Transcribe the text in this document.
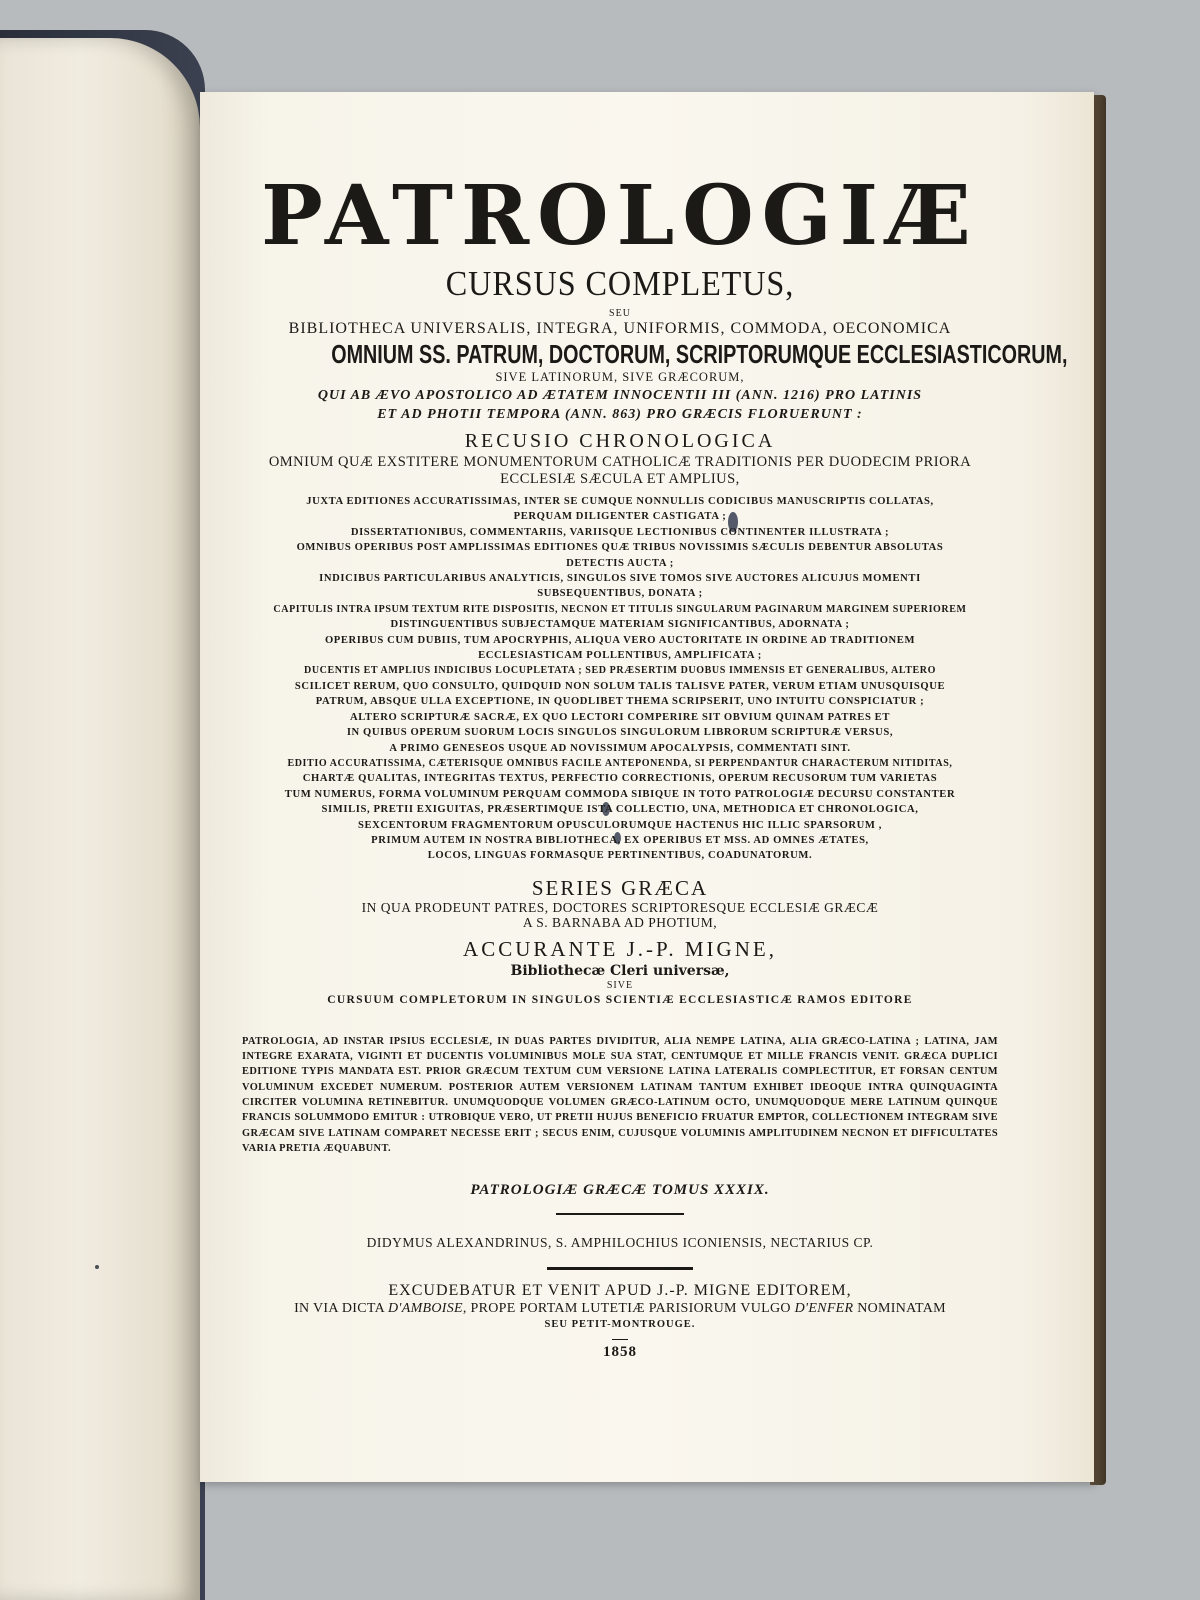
PATROLOGIÆ
CURSUS COMPLETUS,
SEU
BIBLIOTHECA UNIVERSALIS, INTEGRA, UNIFORMIS, COMMODA, OECONOMICA
OMNIUM SS. PATRUM, DOCTORUM, SCRIPTORUMQUE ECCLESIASTICORUM,
SIVE LATINORUM, SIVE GRÆCORUM,
QUI AB ÆVO APOSTOLICO AD ÆTATEM INNOCENTII III (ANN. 1216) PRO LATINIS
ET AD PHOTII TEMPORA (ANN. 863) PRO GRÆCIS FLORUERUNT :
RECUSIO CHRONOLOGICA
OMNIUM QUÆ EXSTITERE MONUMENTORUM CATHOLICÆ TRADITIONIS PER DUODECIM PRIORA
ECCLESIÆ SÆCULA ET AMPLIUS,
JUXTA EDITIONES ACCURATISSIMAS, INTER SE CUMQUE NONNULLIS CODICIBUS MANUSCRIPTIS COLLATAS,
PERQUAM DILIGENTER CASTIGATA ;
DISSERTATIONIBUS, COMMENTARIIS, VARIISQUE LECTIONIBUS CONTINENTER ILLUSTRATA ;
OMNIBUS OPERIBUS POST AMPLISSIMAS EDITIONES QUÆ TRIBUS NOVISSIMIS SÆCULIS DEBENTUR ABSOLUTAS
DETECTIS AUCTA ;
INDICIBUS PARTICULARIBUS ANALYTICIS, SINGULOS SIVE TOMOS SIVE AUCTORES ALICUJUS MOMENTI
SUBSEQUENTIBUS, DONATA ;
CAPITULIS INTRA IPSUM TEXTUM RITE DISPOSITIS, NECNON ET TITULIS SINGULARUM PAGINARUM MARGINEM SUPERIOREM
DISTINGUENTIBUS SUBJECTAMQUE MATERIAM SIGNIFICANTIBUS, ADORNATA ;
OPERIBUS CUM DUBIIS, TUM APOCRYPHIS, ALIQUA VERO AUCTORITATE IN ORDINE AD TRADITIONEM
ECCLESIASTICAM POLLENTIBUS, AMPLIFICATA ;
DUCENTIS ET AMPLIUS INDICIBUS LOCUPLETATA ; SED PRÆSERTIM DUOBUS IMMENSIS ET GENERALIBUS, ALTERO
SCILICET RERUM, QUO CONSULTO, QUIDQUID NON SOLUM TALIS TALISVE PATER, VERUM ETIAM UNUSQUISQUE
PATRUM, ABSQUE ULLA EXCEPTIONE, IN QUODLIBET THEMA SCRIPSERIT, UNO INTUITU CONSPICIATUR ;
ALTERO SCRIPTURÆ SACRÆ, EX QUO LECTORI COMPERIRE SIT OBVIUM QUINAM PATRES ET
IN QUIBUS OPERUM SUORUM LOCIS SINGULOS SINGULORUM LIBRORUM SCRIPTURÆ VERSUS,
A PRIMO GENESEOS USQUE AD NOVISSIMUM APOCALYPSIS, COMMENTATI SINT.
EDITIO ACCURATISSIMA, CÆTERISQUE OMNIBUS FACILE ANTEPONENDA, SI PERPENDANTUR CHARACTERUM NITIDITAS,
CHARTÆ QUALITAS, INTEGRITAS TEXTUS, PERFECTIO CORRECTIONIS, OPERUM RECUSORUM TUM VARIETAS
TUM NUMERUS, FORMA VOLUMINUM PERQUAM COMMODA SIBIQUE IN TOTO PATROLOGIÆ DECURSU CONSTANTER
SIMILIS, PRETII EXIGUITAS, PRÆSERTIMQUE ISTA COLLECTIO, UNA, METHODICA ET CHRONOLOGICA,
SEXCENTORUM FRAGMENTORUM OPUSCULORUMQUE HACTENUS HIC ILLIC SPARSORUM ,
PRIMUM AUTEM IN NOSTRA BIBLIOTHECA, EX OPERIBUS ET MSS. AD OMNES ÆTATES,
LOCOS, LINGUAS FORMASQUE PERTINENTIBUS, COADUNATORUM.
SERIES GRÆCA
IN QUA PRODEUNT PATRES, DOCTORES SCRIPTORESQUE ECCLESIÆ GRÆCÆ
A S. BARNABA AD PHOTIUM,
ACCURANTE J.-P. MIGNE,
Bibliothecæ Cleri universæ,
SIVE
CURSUUM COMPLETORUM IN SINGULOS SCIENTIÆ ECCLESIASTICÆ RAMOS EDITORE
PATROLOGIA, AD INSTAR IPSIUS ECCLESIÆ, IN DUAS PARTES DIVIDITUR, ALIA NEMPE LATINA, ALIA GRÆCO-LATINA ; LATINA, JAM INTEGRE EXARATA, VIGINTI ET DUCENTIS VOLUMINIBUS MOLE SUA STAT, CENTUMQUE ET MILLE FRANCIS VENIT. GRÆCA DUPLICI EDITIONE TYPIS MANDATA EST. PRIOR GRÆCUM TEXTUM CUM VERSIONE LATINA LATERALIS COMPLECTITUR, ET FORSAN CENTUM VOLUMINUM EXCEDET NUMERUM. POSTERIOR AUTEM VERSIONEM LATINAM TANTUM EXHIBET IDEOQUE INTRA QUINQUAGINTA CIRCITER VOLUMINA RETINEBITUR. UNUMQUODQUE VOLUMEN GRÆCO-LATINUM OCTO, UNUMQUODQUE MERE LATINUM QUINQUE FRANCIS SOLUMMODO EMITUR : UTROBIQUE VERO, UT PRETII HUJUS BENEFICIO FRUATUR EMPTOR, COLLECTIONEM INTEGRAM SIVE GRÆCAM SIVE LATINAM COMPARET NECESSE ERIT ; SECUS ENIM, CUJUSQUE VOLUMINIS AMPLITUDINEM NECNON ET DIFFICULTATES VARIA PRETIA ÆQUABUNT.
PATROLOGIÆ GRÆCÆ TOMUS XXXIX.
DIDYMUS ALEXANDRINUS, S. AMPHILOCHIUS ICONIENSIS, NECTARIUS CP.
EXCUDEBATUR ET VENIT APUD J.-P. MIGNE EDITOREM,
IN VIA DICTA D'AMBOISE, PROPE PORTAM LUTETIÆ PARISIORUM VULGO D'ENFER NOMINATAM
SEU PETIT-MONTROUGE.
1858
